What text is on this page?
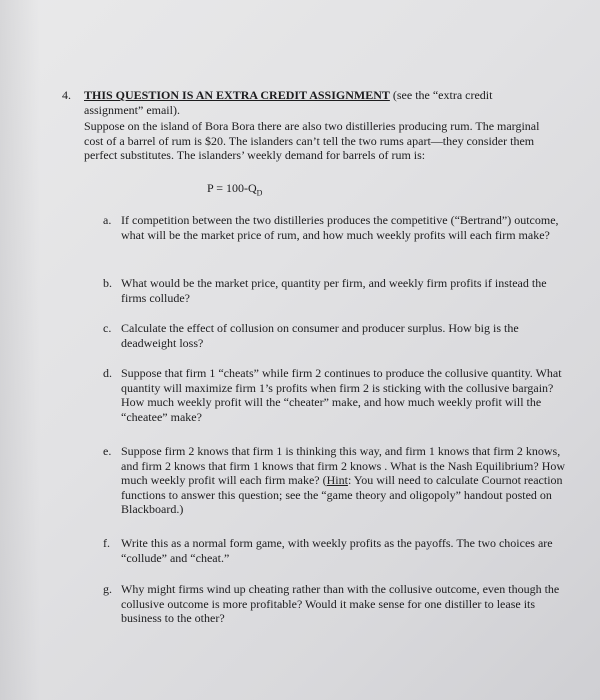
4. THIS QUESTION IS AN EXTRA CREDIT ASSIGNMENT (see the “extra credit assignment” email).
Suppose on the island of Bora Bora there are also two distilleries producing rum. The marginal cost of a barrel of rum is $20. The islanders can’t tell the two rums apart—they consider them perfect substitutes. The islanders’ weekly demand for barrels of rum is:
$P = 100-Q_D$
a. If competition between the two distilleries produces the competitive (“Bertrand”) outcome, what will be the market price of rum, and how much weekly profits will each firm make?
b. What would be the market price, quantity per firm, and weekly firm profits if instead the firms collude?
c. Calculate the effect of collusion on consumer and producer surplus. How big is the deadweight loss?
d. Suppose that firm 1 “cheats” while firm 2 continues to produce the collusive quantity. What quantity will maximize firm 1’s profits when firm 2 is sticking with the collusive bargain? How much weekly profit will the “cheater” make, and how much weekly profit will the “cheatee” make?
e. Suppose firm 2 knows that firm 1 is thinking this way, and firm 1 knows that firm 2 knows, and firm 2 knows that firm 1 knows that firm 2 knows . What is the Nash Equilibrium? How much weekly profit will each firm make? (Hint: You will need to calculate Cournot reaction functions to answer this question; see the “game theory and oligopoly” handout posted on Blackboard.)
f. Write this as a normal form game, with weekly profits as the payoffs. The two choices are “collude” and “cheat.”
g. Why might firms wind up cheating rather than with the collusive outcome, even though the collusive outcome is more profitable? Would it make sense for one distiller to lease its business to the other?
